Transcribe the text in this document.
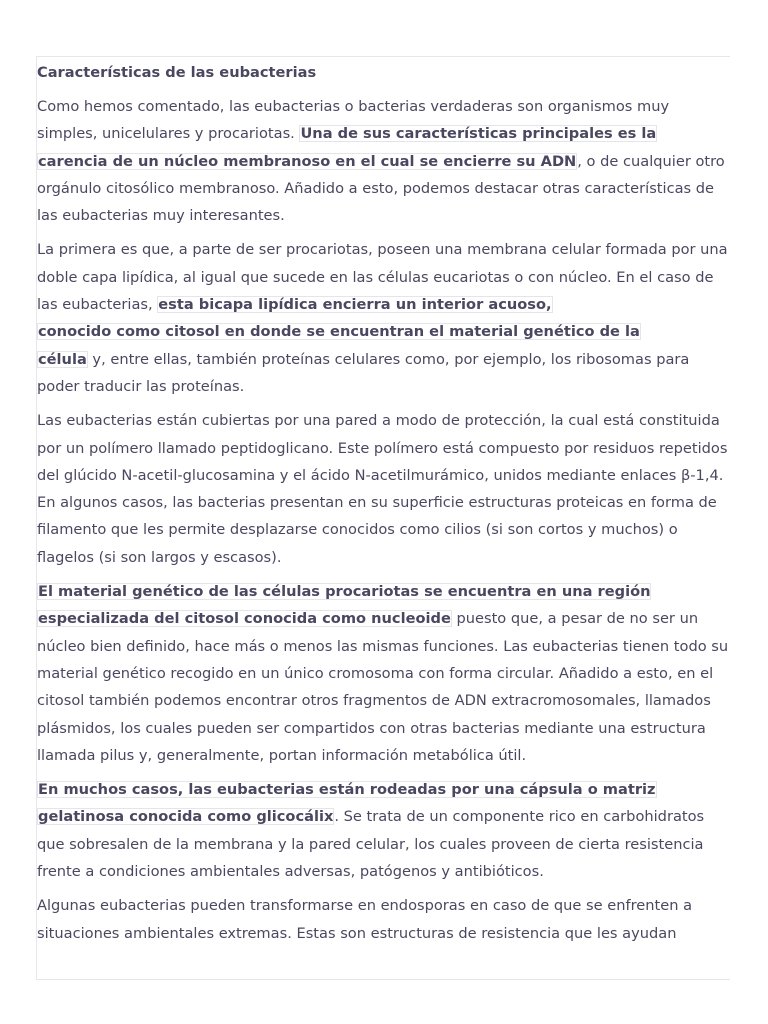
Características de las eubacterias

Como hemos comentado, las eubacterias o bacterias verdaderas son organismos muy simples, unicelulares y procariotas. Una de sus características principales es la
carencia de un núcleo membranoso en el cual se encierre su ADN, o de cualquier otro orgánulo citosólico membranoso. Añadido a esto, podemos destacar otras características de las eubacterias muy interesantes.

La primera es que, a parte de ser procariotas, poseen una membrana celular formada por una doble capa lipídica, al igual que sucede en las células eucariotas o con núcleo. En el caso de las eubacterias, esta bicapa lipídica encierra un interior acuoso,
conocido como citosol en donde se encuentran el material genético de la
célula y, entre ellas, también proteínas celulares como, por ejemplo, los ribosomas para poder traducir las proteínas.

Las eubacterias están cubiertas por una pared a modo de protección, la cual está constituida por un polímero llamado peptidoglicano. Este polímero está compuesto por residuos repetidos del glúcido N-acetil-glucosamina y el ácido N-acetilmurámico, unidos mediante enlaces β-1,4. En algunos casos, las bacterias presentan en su superficie estructuras proteicas en forma de filamento que les permite desplazarse conocidos como cilios (si son cortos y muchos) o flagelos (si son largos y escasos).

El material genético de las células procariotas se encuentra en una región
especializada del citosol conocida como nucleoide puesto que, a pesar de no ser un núcleo bien definido, hace más o menos las mismas funciones. Las eubacterias tienen todo su material genético recogido en un único cromosoma con forma circular. Añadido a esto, en el citosol también podemos encontrar otros fragmentos de ADN extracromosomales, llamados plásmidos, los cuales pueden ser compartidos con otras bacterias mediante una estructura llamada pilus y, generalmente, portan información metabólica útil.

En muchos casos, las eubacterias están rodeadas por una cápsula o matriz
gelatinosa conocida como glicocálix. Se trata de un componente rico en carbohidratos que sobresalen de la membrana y la pared celular, los cuales proveen de cierta resistencia frente a condiciones ambientales adversas, patógenos y antibióticos.

Algunas eubacterias pueden transformarse en endosporas en caso de que se enfrenten a situaciones ambientales extremas. Estas son estructuras de resistencia que les ayudan
